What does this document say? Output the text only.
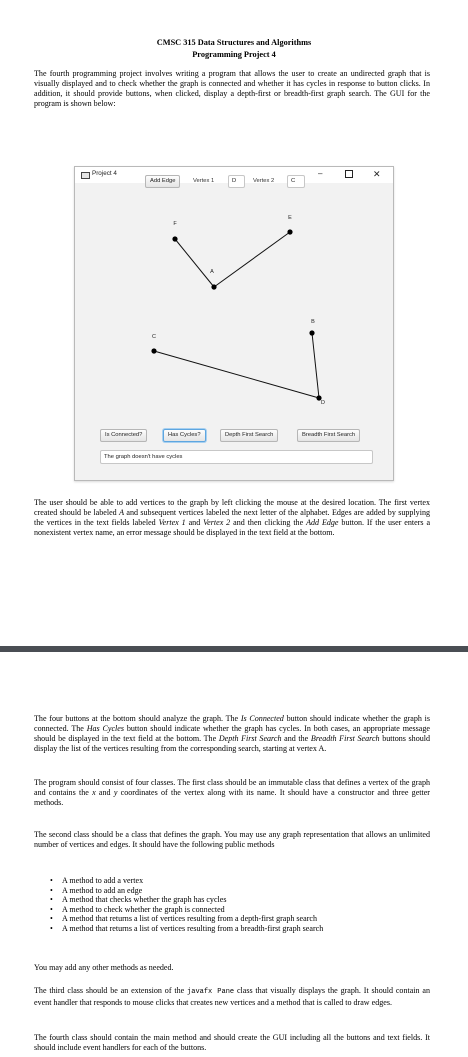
CMSC 315 Data Structures and Algorithms
Programming Project 4
The fourth programming project involves writing a program that allows the user to create an undirected graph that is visually displayed and to check whether the graph is connected and whether it has cycles in response to button clicks. In addition, it should provide buttons, when clicked, display a depth-first or breadth-first graph search. The GUI for the program is shown below:
Project 4	–	✕
Add Edge	Vertex 1	D	Vertex 2	C
F
E
A
B
C
D
Is Connected?	Has Cycles?	Depth First Search	Breadth First Search
The graph doesn't have cycles
The user should be able to add vertices to the graph by left clicking the mouse at the desired location. The first vertex created should be labeled A and subsequent vertices labeled the next letter of the alphabet. Edges are added by supplying the vertices in the text fields labeled Vertex 1 and Vertex 2 and then clicking the Add Edge button. If the user enters a nonexistent vertex name, an error message should be displayed in the text field at the bottom.
The four buttons at the bottom should analyze the graph. The Is Connected button should indicate whether the graph is connected. The Has Cycles button should indicate whether the graph has cycles. In both cases, an appropriate message should be displayed in the text field at the bottom. The Depth First Search and the Breadth First Search buttons should display the list of the vertices resulting from the corresponding search, starting at vertex A.
The program should consist of four classes. The first class should be an immutable class that defines a vertex of the graph and contains the x and y coordinates of the vertex along with its name. It should have a constructor and three getter methods.
The second class should be a class that defines the graph. You may use any graph representation that allows an unlimited number of vertices and edges. It should have the following public methods
• A method to add a vertex
• A method to add an edge
• A method that checks whether the graph has cycles
• A method to check whether the graph is connected
• A method that returns a list of vertices resulting from a depth-first graph search
• A method that returns a list of vertices resulting from a breadth-first graph search
You may add any other methods as needed.
The third class should be an extension of the javafx Pane class that visually displays the graph. It should contain an event handler that responds to mouse clicks that creates new vertices and a method that is called to draw edges.
The fourth class should contain the main method and should create the GUI including all the buttons and text fields. It should include event handlers for each of the buttons.
